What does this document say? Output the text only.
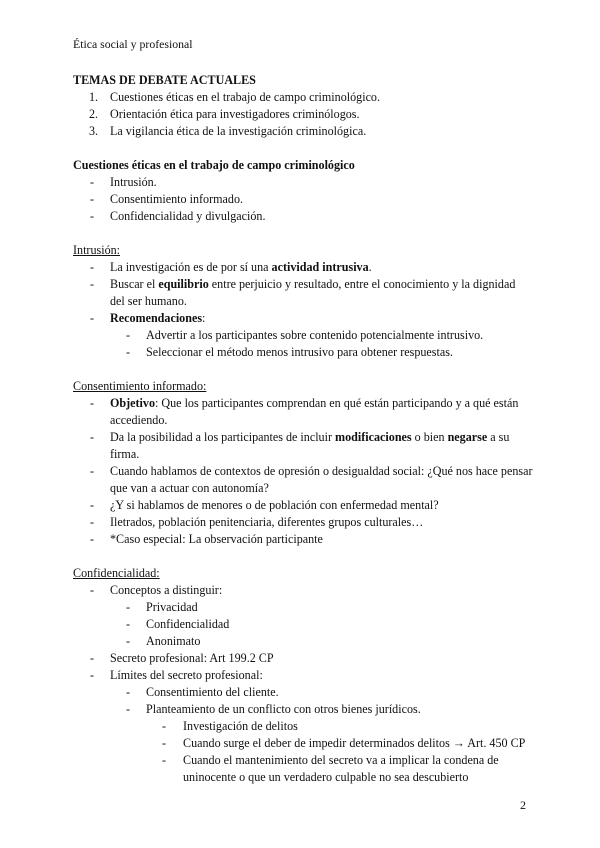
Ética social y profesional
TEMAS DE DEBATE ACTUALES
1. Cuestiones éticas en el trabajo de campo criminológico.
2. Orientación ética para investigadores criminólogos.
3. La vigilancia ética de la investigación criminológica.
Cuestiones éticas en el trabajo de campo criminológico
- Intrusión.
- Consentimiento informado.
- Confidencialidad y divulgación.
Intrusión:
- La investigación es de por sí una actividad intrusiva.
- Buscar el equilibrio entre perjuicio y resultado, entre el conocimiento y la dignidad del ser humano.
- Recomendaciones:
- Advertir a los participantes sobre contenido potencialmente intrusivo.
- Seleccionar el método menos intrusivo para obtener respuestas.
Consentimiento informado:
- Objetivo: Que los participantes comprendan en qué están participando y a qué están accediendo.
- Da la posibilidad a los participantes de incluir modificaciones o bien negarse a su firma.
- Cuando hablamos de contextos de opresión o desigualdad social: ¿Qué nos hace pensar que van a actuar con autonomía?
- ¿Y si hablamos de menores o de población con enfermedad mental?
- Iletrados, población penitenciaria, diferentes grupos culturales…
- *Caso especial: La observación participante
Confidencialidad:
- Conceptos a distinguir:
- Privacidad
- Confidencialidad
- Anonimato
- Secreto profesional: Art 199.2 CP
- Límites del secreto profesional:
- Consentimiento del cliente.
- Planteamiento de un conflicto con otros bienes jurídicos.
- Investigación de delitos
- Cuando surge el deber de impedir determinados delitos → Art. 450 CP
- Cuando el mantenimiento del secreto va a implicar la condena de uninocente o que un verdadero culpable no sea descubierto
2
